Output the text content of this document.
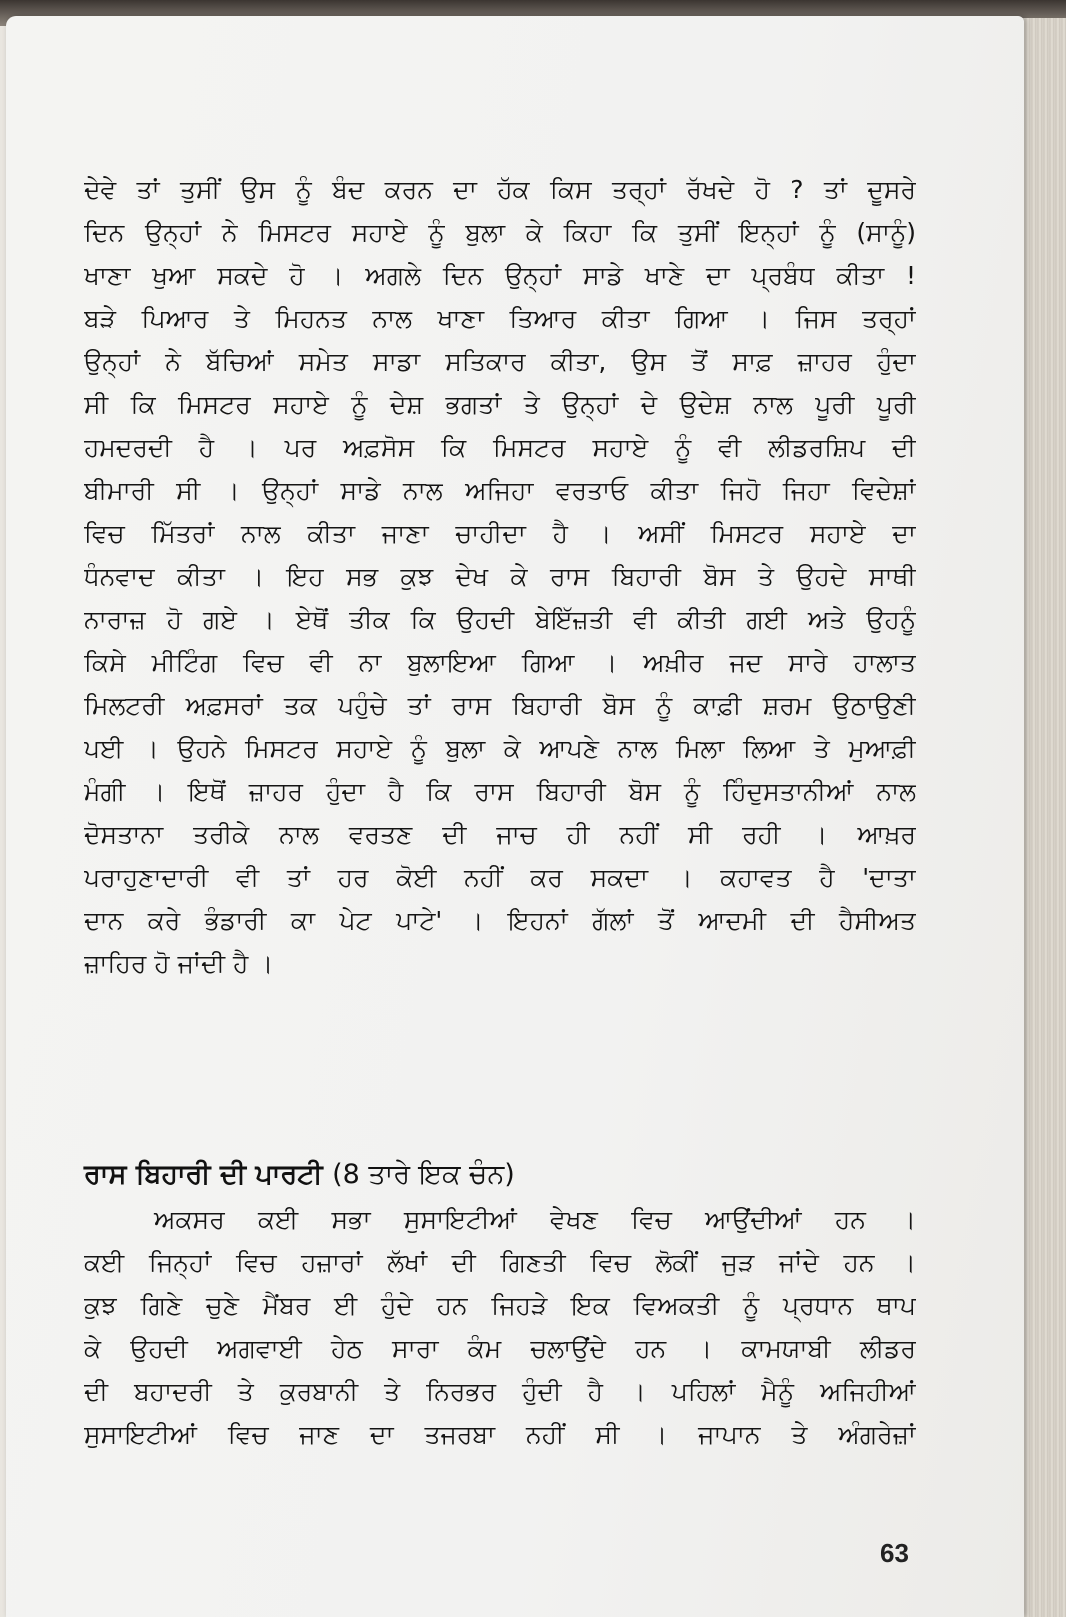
ਦੇਵੇ ਤਾਂ ਤੁਸੀਂ ਉਸ ਨੂੰ ਬੰਦ ਕਰਨ ਦਾ ਹੱਕ ਕਿਸ ਤਰ੍ਹਾਂ ਰੱਖਦੇ ਹੋ ? ਤਾਂ ਦੂਸਰੇ
ਦਿਨ ਉਨ੍ਹਾਂ ਨੇ ਮਿਸਟਰ ਸਹਾਏ ਨੂੰ ਬੁਲਾ ਕੇ ਕਿਹਾ ਕਿ ਤੁਸੀਂ ਇਨ੍ਹਾਂ ਨੂੰ (ਸਾਨੂੰ)
ਖਾਣਾ ਖੁਆ ਸਕਦੇ ਹੋ । ਅਗਲੇ ਦਿਨ ਉਨ੍ਹਾਂ ਸਾਡੇ ਖਾਣੇ ਦਾ ਪ੍ਰਬੰਧ ਕੀਤਾ !
ਬੜੇ ਪਿਆਰ ਤੇ ਮਿਹਨਤ ਨਾਲ ਖਾਣਾ ਤਿਆਰ ਕੀਤਾ ਗਿਆ । ਜਿਸ ਤਰ੍ਹਾਂ
ਉਨ੍ਹਾਂ ਨੇ ਬੱਚਿਆਂ ਸਮੇਤ ਸਾਡਾ ਸਤਿਕਾਰ ਕੀਤਾ, ਉਸ ਤੋਂ ਸਾਫ਼ ਜ਼ਾਹਰ ਹੁੰਦਾ
ਸੀ ਕਿ ਮਿਸਟਰ ਸਹਾਏ ਨੂੰ ਦੇਸ਼ ਭਗਤਾਂ ਤੇ ਉਨ੍ਹਾਂ ਦੇ ਉਦੇਸ਼ ਨਾਲ ਪੂਰੀ ਪੂਰੀ
ਹਮਦਰਦੀ ਹੈ । ਪਰ ਅਫ਼ਸੋਸ ਕਿ ਮਿਸਟਰ ਸਹਾਏ ਨੂੰ ਵੀ ਲੀਡਰਸ਼ਿਪ ਦੀ
ਬੀਮਾਰੀ ਸੀ । ਉਨ੍ਹਾਂ ਸਾਡੇ ਨਾਲ ਅਜਿਹਾ ਵਰਤਾਓ ਕੀਤਾ ਜਿਹੋ ਜਿਹਾ ਵਿਦੇਸ਼ਾਂ
ਵਿਚ ਮਿੱਤਰਾਂ ਨਾਲ ਕੀਤਾ ਜਾਣਾ ਚਾਹੀਦਾ ਹੈ । ਅਸੀਂ ਮਿਸਟਰ ਸਹਾਏ ਦਾ
ਧੰਨਵਾਦ ਕੀਤਾ । ਇਹ ਸਭ ਕੁਝ ਦੇਖ ਕੇ ਰਾਸ ਬਿਹਾਰੀ ਬੋਸ ਤੇ ਉਹਦੇ ਸਾਥੀ
ਨਾਰਾਜ਼ ਹੋ ਗਏ । ਏਥੋਂ ਤੀਕ ਕਿ ਉਹਦੀ ਬੇਇੱਜ਼ਤੀ ਵੀ ਕੀਤੀ ਗਈ ਅਤੇ ਉਹਨੂੰ
ਕਿਸੇ ਮੀਟਿੰਗ ਵਿਚ ਵੀ ਨਾ ਬੁਲਾਇਆ ਗਿਆ । ਅਖ਼ੀਰ ਜਦ ਸਾਰੇ ਹਾਲਾਤ
ਮਿਲਟਰੀ ਅਫ਼ਸਰਾਂ ਤਕ ਪਹੁੰਚੇ ਤਾਂ ਰਾਸ ਬਿਹਾਰੀ ਬੋਸ ਨੂੰ ਕਾਫ਼ੀ ਸ਼ਰਮ ਉਠਾਉਣੀ
ਪਈ । ਉਹਨੇ ਮਿਸਟਰ ਸਹਾਏ ਨੂੰ ਬੁਲਾ ਕੇ ਆਪਣੇ ਨਾਲ ਮਿਲਾ ਲਿਆ ਤੇ ਮੁਆਫ਼ੀ
ਮੰਗੀ । ਇਥੋਂ ਜ਼ਾਹਰ ਹੁੰਦਾ ਹੈ ਕਿ ਰਾਸ ਬਿਹਾਰੀ ਬੋਸ ਨੂੰ ਹਿੰਦੁਸਤਾਨੀਆਂ ਨਾਲ
ਦੋਸਤਾਨਾ ਤਰੀਕੇ ਨਾਲ ਵਰਤਣ ਦੀ ਜਾਚ ਹੀ ਨਹੀਂ ਸੀ ਰਹੀ । ਆਖ਼ਰ
ਪਰਾਹੁਣਾਦਾਰੀ ਵੀ ਤਾਂ ਹਰ ਕੋਈ ਨਹੀਂ ਕਰ ਸਕਦਾ । ਕਹਾਵਤ ਹੈ 'ਦਾਤਾ
ਦਾਨ ਕਰੇ ਭੰਡਾਰੀ ਕਾ ਪੇਟ ਪਾਟੇ' । ਇਹਨਾਂ ਗੱਲਾਂ ਤੋਂ ਆਦਮੀ ਦੀ ਹੈਸੀਅਤ
ਜ਼ਾਹਿਰ ਹੋ ਜਾਂਦੀ ਹੈ ।
ਰਾਸ ਬਿਹਾਰੀ ਦੀ ਪਾਰਟੀ (8 ਤਾਰੇ ਇਕ ਚੰਨ)
ਅਕਸਰ ਕਈ ਸਭਾ ਸੁਸਾਇਟੀਆਂ ਵੇਖਣ ਵਿਚ ਆਉਂਦੀਆਂ ਹਨ ।
ਕਈ ਜਿਨ੍ਹਾਂ ਵਿਚ ਹਜ਼ਾਰਾਂ ਲੱਖਾਂ ਦੀ ਗਿਣਤੀ ਵਿਚ ਲੋਕੀਂ ਜੁੜ ਜਾਂਦੇ ਹਨ ।
ਕੁਝ ਗਿਣੇ ਚੁਣੇ ਮੈਂਬਰ ਈ ਹੁੰਦੇ ਹਨ ਜਿਹੜੇ ਇਕ ਵਿਅਕਤੀ ਨੂੰ ਪ੍ਰਧਾਨ ਥਾਪ
ਕੇ ਉਹਦੀ ਅਗਵਾਈ ਹੇਠ ਸਾਰਾ ਕੰਮ ਚਲਾਉਂਦੇ ਹਨ । ਕਾਮਯਾਬੀ ਲੀਡਰ
ਦੀ ਬਹਾਦਰੀ ਤੇ ਕੁਰਬਾਨੀ ਤੇ ਨਿਰਭਰ ਹੁੰਦੀ ਹੈ । ਪਹਿਲਾਂ ਮੈਨੂੰ ਅਜਿਹੀਆਂ
ਸੁਸਾਇਟੀਆਂ ਵਿਚ ਜਾਣ ਦਾ ਤਜਰਬਾ ਨਹੀਂ ਸੀ । ਜਾਪਾਨ ਤੇ ਅੰਗਰੇਜ਼ਾਂ
63
